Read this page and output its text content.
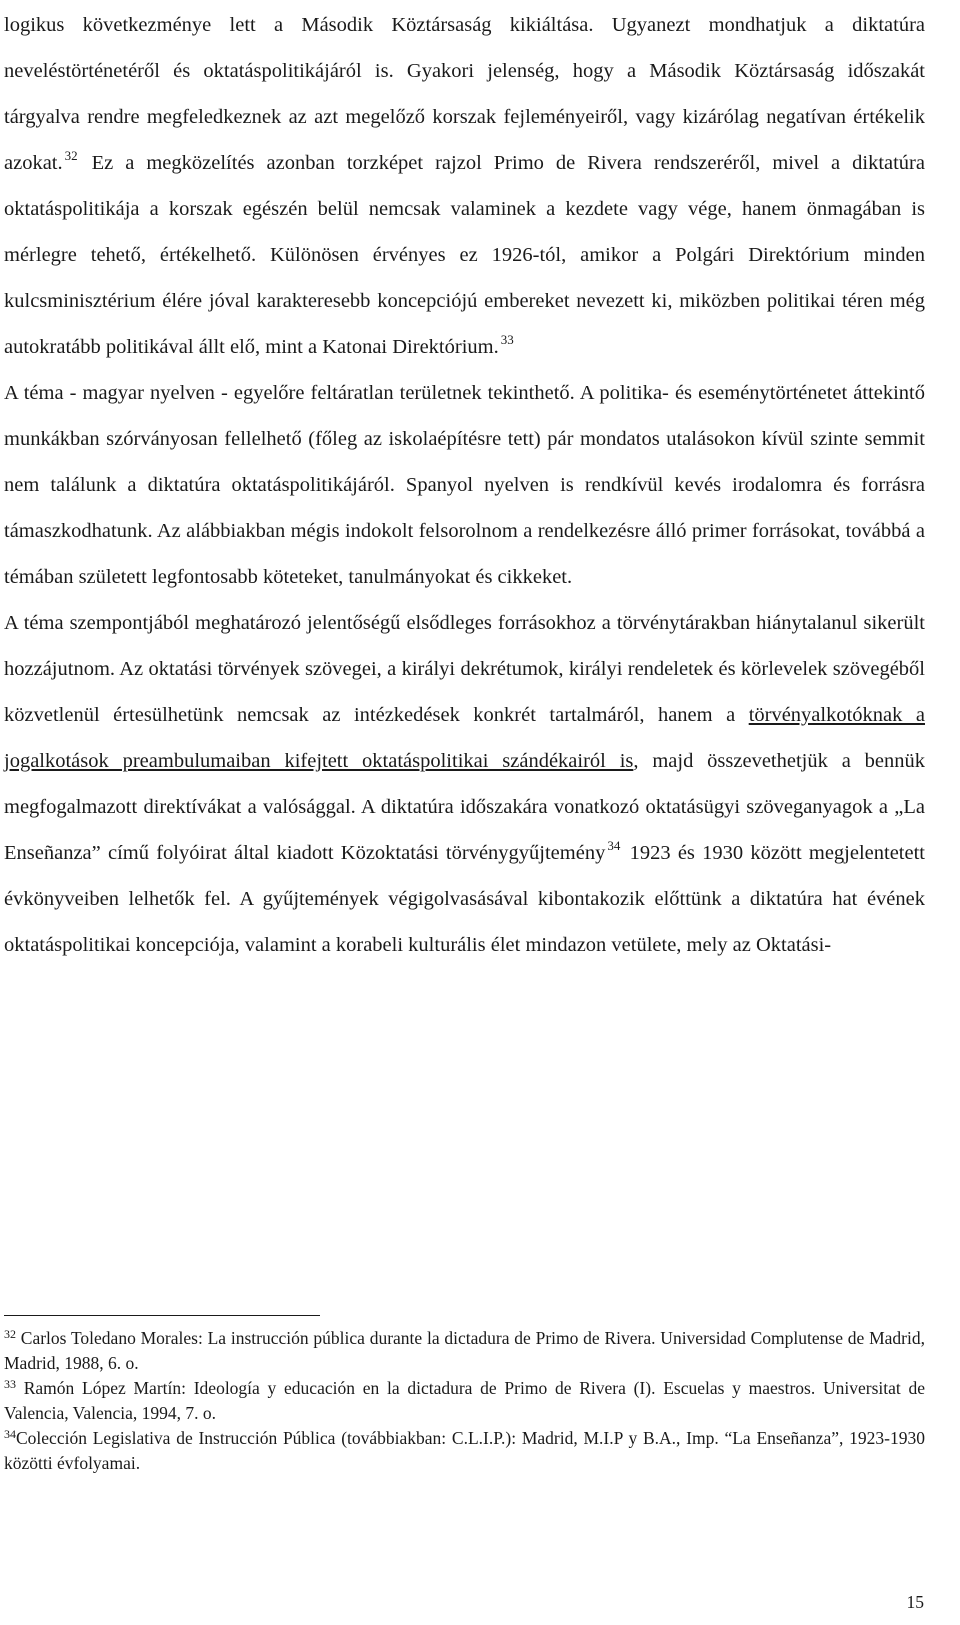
logikus következménye lett a Második Köztársaság kikiáltása. Ugyanezt mondhatjuk a diktatúra neveléstörténetéről és oktatáspolitikájáról is. Gyakori jelenség, hogy a Második Köztársaság időszakát tárgyalva rendre megfeledkeznek az azt megelőző korszak fejleményeiről, vagy kizárólag negatívan értékelik azokat. $^{32}$ Ez a megközelítés azonban torzképet rajzol Primo de Rivera rendszeréről, mivel a diktatúra oktatáspolitikája a korszak egészén belül nemcsak valaminek a kezdete vagy vége, hanem önmagában is mérlegre tehető, értékelhető. Különösen érvényes ez 1926-tól, amikor a Polgári Direktórium minden kulcsminisztérium élére jóval karakteresebb koncepciójú embereket nevezett ki, miközben politikai téren még autokratább politikával állt elő, mint a Katonai Direktórium. $^{33}$

A téma - magyar nyelven - egyelőre feltáratlan területnek tekinthető. A politika- és eseménytörténetet áttekintő munkákban szórványosan fellelhető (főleg az iskolaépítésre tett) pár mondatos utalásokon kívül szinte semmit nem találunk a diktatúra oktatáspolitikájáról. Spanyol nyelven is rendkívül kevés irodalomra és forrásra támaszkodhatunk. Az alábbiakban mégis indokolt felsorolnom a rendelkezésre álló primer forrásokat, továbbá a témában született legfontosabb köteteket, tanulmányokat és cikkeket.

A téma szempontjából meghatározó jelentőségű elsődleges forrásokhoz a törvénytárakban hiánytalanul sikerült hozzájutnom. Az oktatási törvények szövegei, a királyi dekrétumok, királyi rendeletek és körlevelek szövegéből közvetlenül értesülhetünk nemcsak az intézkedések konkrét tartalmáról, hanem a törvényalkotóknak a jogalkotások preambulumaiban kifejtett oktatáspolitikai szándékairól is, majd összevethetjük a bennük megfogalmazott direktívákat a valósággal. A diktatúra időszakára vonatkozó oktatásügyi szöveganyagok a „La Enseñanza” című folyóirat által kiadott Közoktatási törvénygyűjtemény $^{34}$ 1923 és 1930 között megjelentetett évkönyveiben lelhetők fel. A gyűjtemények végigolvasásával kibontakozik előttünk a diktatúra hat évének oktatáspolitikai koncepciója, valamint a korabeli kulturális élet mindazon vetülete, mely az Oktatási-

$^{32}$ Carlos Toledano Morales: La instrucción pública durante la dictadura de Primo de Rivera. Universidad Complutense de Madrid, Madrid, 1988, 6. o.

$^{33}$ Ramón López Martín: Ideología y educación en la dictadura de Primo de Rivera (I). Escuelas y maestros. Universitat de Valencia, Valencia, 1994, 7. o.

$^{34}$Colección Legislativa de Instrucción Pública (továbbiakban: C.L.I.P.): Madrid, M.I.P y B.A., Imp. “La Enseñanza”, 1923-1930 közötti évfolyamai.

15
